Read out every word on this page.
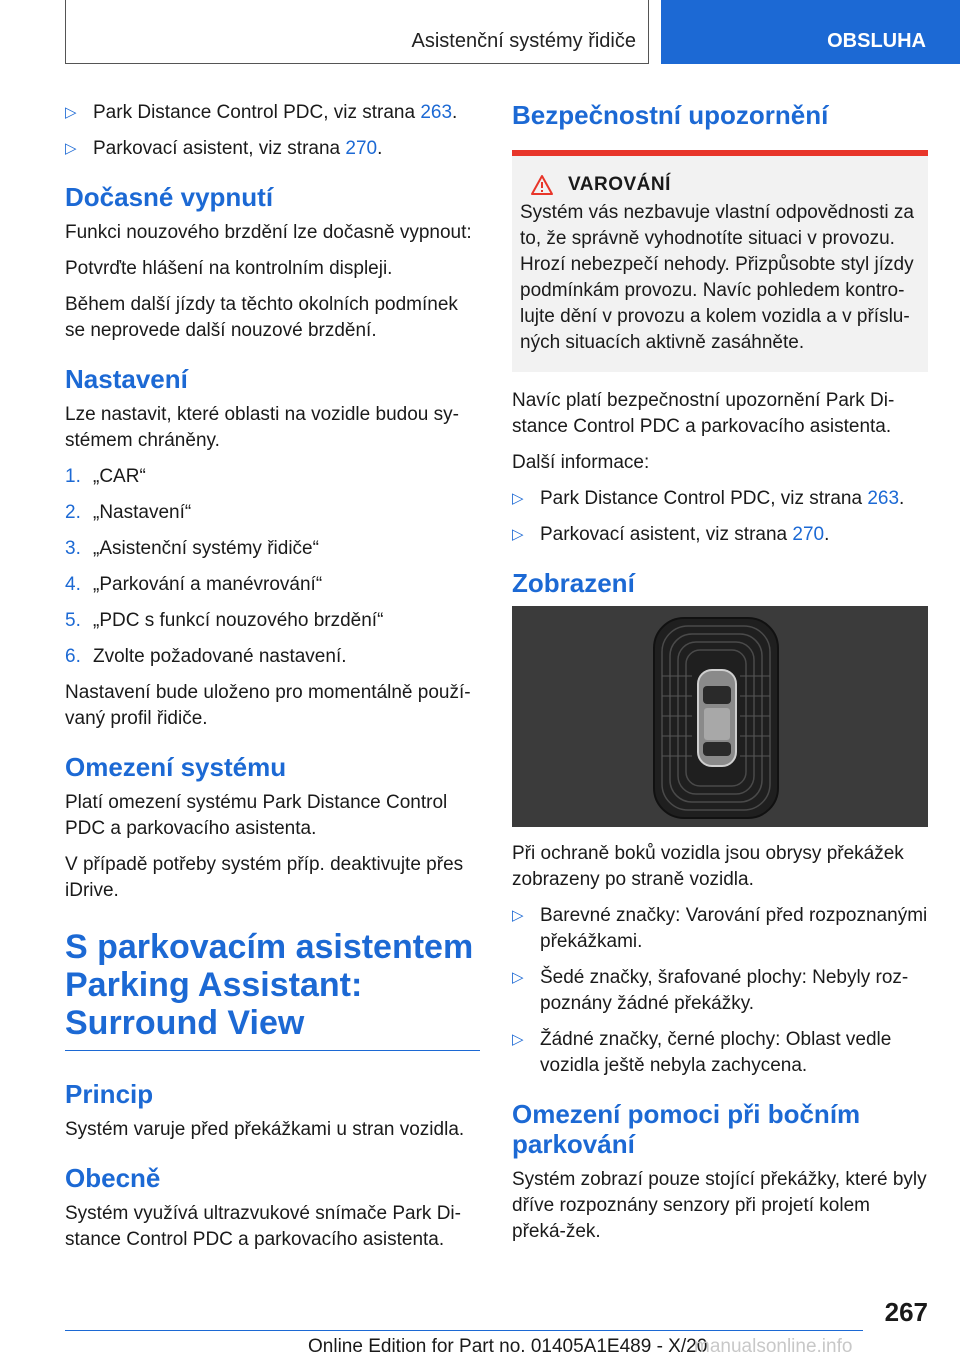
Asistenční systémy řidiče	OBSLUHA
▷ Park Distance Control PDC, viz strana 263.
▷ Parkovací asistent, viz strana 270.
Dočasné vypnutí

Funkci nouzového brzdění lze dočasně vypnout:

Potvrďte hlášení na kontrolním displeji.

Během další jízdy ta těchto okolních podmínek se neprovede další nouzové brzdění.

Nastavení

Lze nastavit, které oblasti na vozidle budou sy-stémem chráněny.

1. „CAR“
2. „Nastavení“
3. „Asistenční systémy řidiče“
4. „Parkování a manévrování“
5. „PDC s funkcí nouzového brzdění“
6. Zvolte požadované nastavení.

Nastavení bude uloženo pro momentálně použí-vaný profil řidiče.

Omezení systému

Platí omezení systému Park Distance Control PDC a parkovacího asistenta.

V případě potřeby systém příp. deaktivujte přes iDrive.

S parkovacím asistentem
Parking Assistant:
Surround View
Princip

Systém varuje před překážkami u stran vozidla.

Obecně

Systém využívá ultrazvukové snímače Park Di-stance Control PDC a parkovacího asistenta.

Bezpečnostní upozornění
VAROVÁNÍ

Systém vás nezbavuje vlastní odpovědnosti za to, že správně vyhodnotíte situaci v provozu. Hrozí nebezpečí nehody. Přizpůsobte styl jízdy podmínkám provozu. Navíc pohledem kontro-lujte dění v provozu a kolem vozidla a v příslu-ných situacích aktivně zasáhněte.

Navíc platí bezpečnostní upozornění Park Di-stance Control PDC a parkovacího asistenta.

Další informace:

▷ Park Distance Control PDC, viz strana 263.
▷ Parkovací asistent, viz strana 270.
Zobrazení

Při ochraně boků vozidla jsou obrysy překážek zobrazeny po straně vozidla.

▷ Barevné značky: Varování před rozpoznanými překážkami.
▷ Šedé značky, šrafované plochy: Nebyly roz-poznány žádné překážky.
▷ Žádné značky, černé plochy: Oblast vedle vozidla ještě nebyla zachycena.
Omezení pomoci při bočním parkování

Systém zobrazí pouze stojící překážky, které byly dříve rozpoznány senzory při projetí kolem překá-žek.

267
Online Edition for Part no. 01405A1E489 - X/20
manualsonline.info
